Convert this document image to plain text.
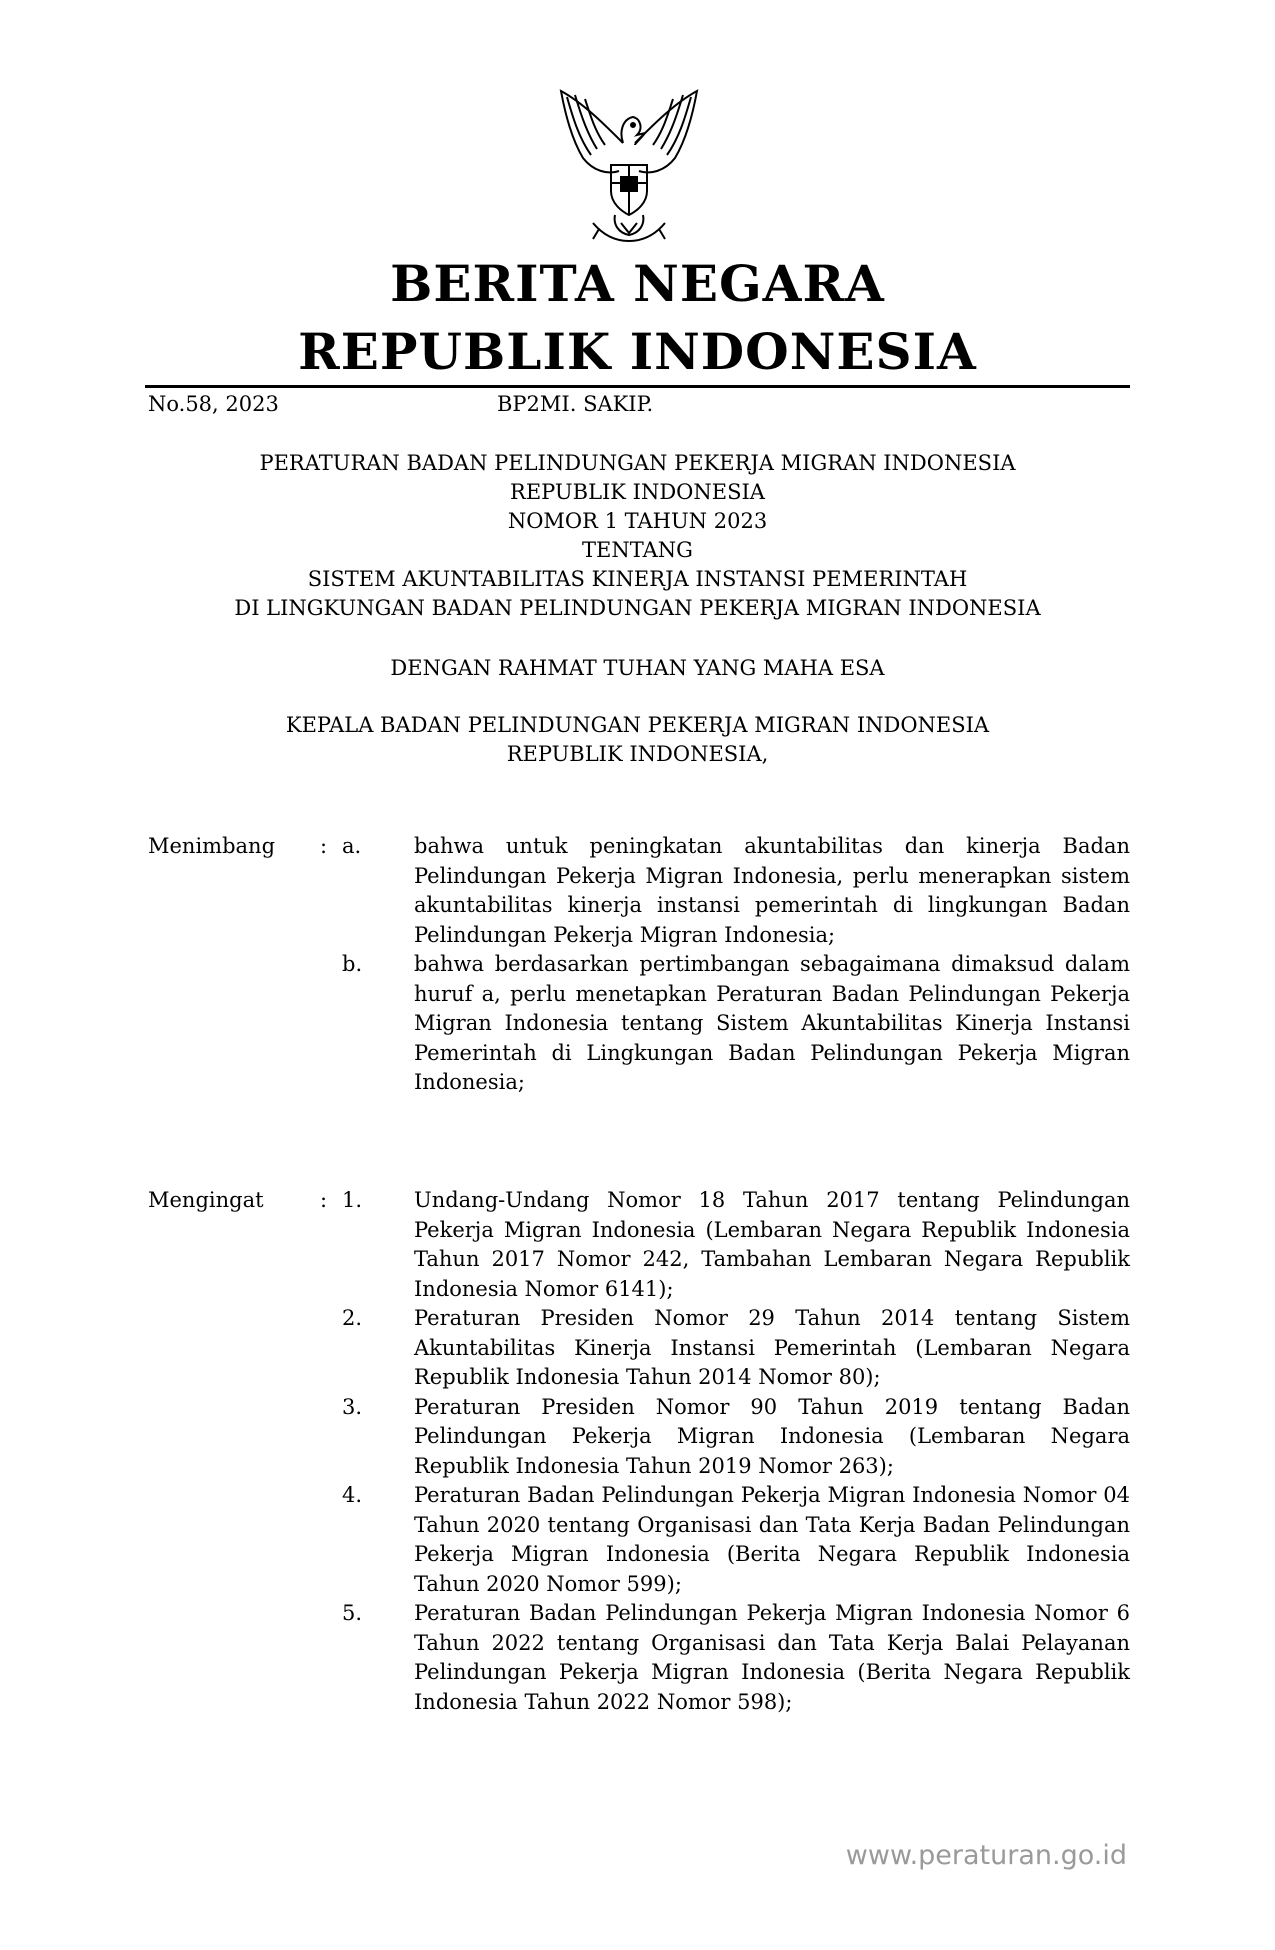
BERITA NEGARA
REPUBLIK INDONESIA
No.58, 2023	BP2MI. SAKIP.
PERATURAN BADAN PELINDUNGAN PEKERJA MIGRAN INDONESIA
REPUBLIK INDONESIA
NOMOR 1 TAHUN 2023
TENTANG
SISTEM AKUNTABILITAS KINERJA INSTANSI PEMERINTAH
DI LINGKUNGAN BADAN PELINDUNGAN PEKERJA MIGRAN INDONESIA
DENGAN RAHMAT TUHAN YANG MAHA ESA
KEPALA BADAN PELINDUNGAN PEKERJA MIGRAN INDONESIA
REPUBLIK INDONESIA,
Menimbang	: a.	bahwa untuk peningkatan akuntabilitas dan kinerja Badan Pelindungan Pekerja Migran Indonesia, perlu menerapkan sistem akuntabilitas kinerja instansi pemerintah di lingkungan Badan Pelindungan Pekerja Migran Indonesia;
b.	bahwa berdasarkan pertimbangan sebagaimana dimaksud dalam huruf a, perlu menetapkan Peraturan Badan Pelindungan Pekerja Migran Indonesia tentang Sistem Akuntabilitas Kinerja Instansi Pemerintah di Lingkungan Badan Pelindungan Pekerja Migran Indonesia;
Mengingat	: 1.	Undang-Undang Nomor 18 Tahun 2017 tentang Pelindungan Pekerja Migran Indonesia (Lembaran Negara Republik Indonesia Tahun 2017 Nomor 242, Tambahan Lembaran Negara Republik Indonesia Nomor 6141);
2.	Peraturan Presiden Nomor 29 Tahun 2014 tentang Sistem Akuntabilitas Kinerja Instansi Pemerintah (Lembaran Negara Republik Indonesia Tahun 2014 Nomor 80);
3.	Peraturan Presiden Nomor 90 Tahun 2019 tentang Badan Pelindungan Pekerja Migran Indonesia (Lembaran Negara Republik Indonesia Tahun 2019 Nomor 263);
4.	Peraturan Badan Pelindungan Pekerja Migran Indonesia Nomor 04 Tahun 2020 tentang Organisasi dan Tata Kerja Badan Pelindungan Pekerja Migran Indonesia (Berita Negara Republik Indonesia Tahun 2020 Nomor 599);
5.	Peraturan Badan Pelindungan Pekerja Migran Indonesia Nomor 6 Tahun 2022 tentang Organisasi dan Tata Kerja Balai Pelayanan Pelindungan Pekerja Migran Indonesia (Berita Negara Republik Indonesia Tahun 2022 Nomor 598);
www.peraturan.go.id
